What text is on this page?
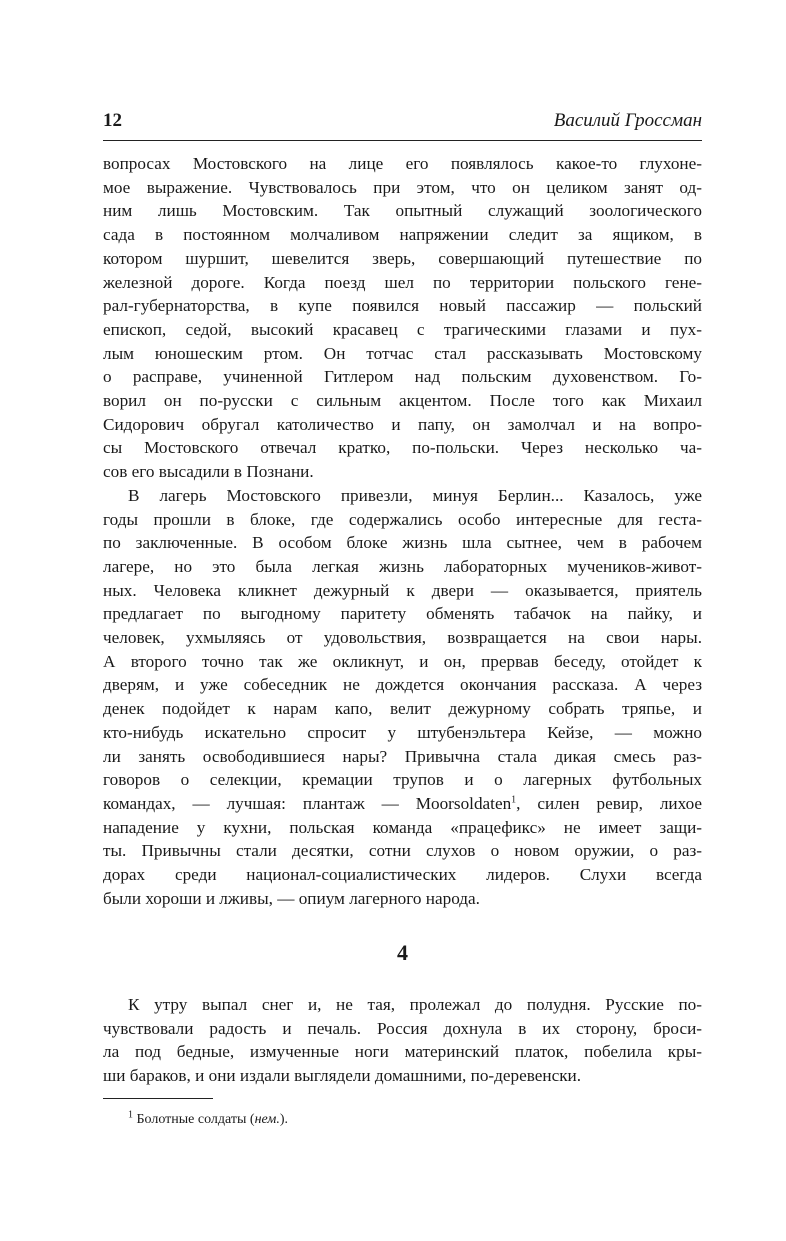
12	Василий Гроссман
вопросах Мостовского на лице его появлялось какое-то глухоне-
мое выражение. Чувствовалось при этом, что он целиком занят од-
ним лишь Мостовским. Так опытный служащий зоологического
сада в постоянном молчаливом напряжении следит за ящиком, в
котором шуршит, шевелится зверь, совершающий путешествие по
железной дороге. Когда поезд шел по территории польского гене-
рал-губернаторства, в купе появился новый пассажир — польский
епископ, седой, высокий красавец с трагическими глазами и пух-
лым юношеским ртом. Он тотчас стал рассказывать Мостовскому
о расправе, учиненной Гитлером над польским духовенством. Го-
ворил он по-русски с сильным акцентом. После того как Михаил
Сидорович обругал католичество и папу, он замолчал и на вопро-
сы Мостовского отвечал кратко, по-польски. Через несколько ча-
сов его высадили в Познани.
В лагерь Мостовского привезли, минуя Берлин... Казалось, уже
годы прошли в блоке, где содержались особо интересные для геста-
по заключенные. В особом блоке жизнь шла сытнее, чем в рабочем
лагере, но это была легкая жизнь лабораторных мучеников-живот-
ных. Человека кликнет дежурный к двери — оказывается, приятель
предлагает по выгодному паритету обменять табачок на пайку, и
человек, ухмыляясь от удовольствия, возвращается на свои нары.
А второго точно так же окликнут, и он, прервав беседу, отойдет к
дверям, и уже собеседник не дождется окончания рассказа. А через
денек подойдет к нарам капо, велит дежурному собрать тряпье, и
кто-нибудь искательно спросит у штубенэльтера Кейзе, — можно
ли занять освободившиеся нары? Привычна стала дикая смесь раз-
говоров о селекции, кремации трупов и о лагерных футбольных
командах, — лучшая: плантаж — Moorsoldaten$^1$, силен ревир, лихое
нападение у кухни, польская команда «працефикс» не имеет защи-
ты. Привычны стали десятки, сотни слухов о новом оружии, о раз-
дорах среди национал-социалистических лидеров. Слухи всегда
были хороши и лживы, — опиум лагерного народа.
4
К утру выпал снег и, не тая, пролежал до полудня. Русские по-
чувствовали радость и печаль. Россия дохнула в их сторону, броси-
ла под бедные, измученные ноги материнский платок, побелила кры-
ши бараков, и они издали выглядели домашними, по-деревенски.
$^1$ Болотные солдаты (нем.).
